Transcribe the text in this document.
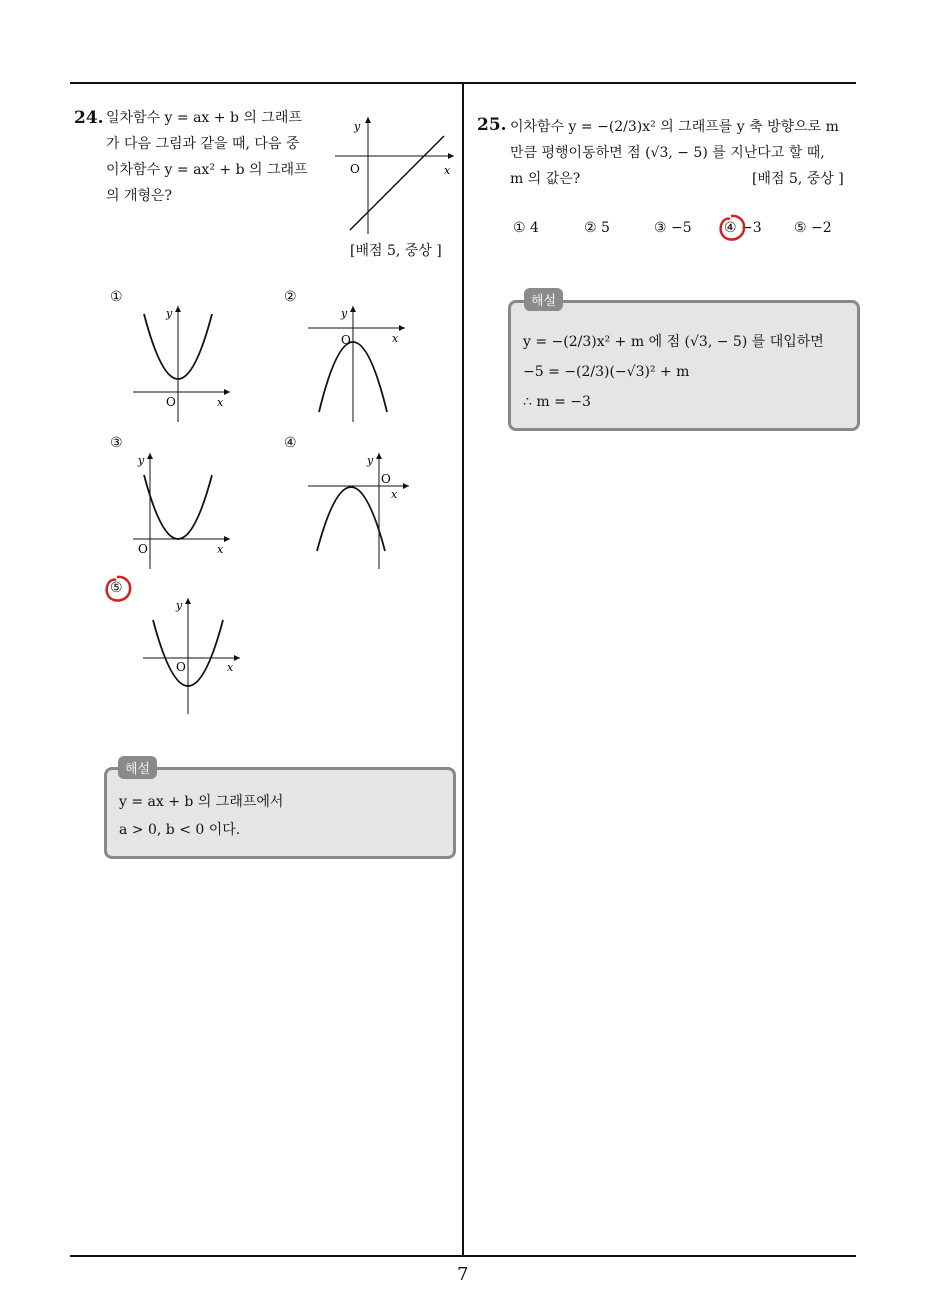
7
24. 일차함수 y = ax + b 의 그래프
가 다음 그림과 같을 때, 다음 중
이차함수 y = ax² + b 의 그래프
의 개형은?
y
x
O
[배점 5, 중상 ]
①	②
③	④
⑤
y
x
O
y
x
O
y
x
O
y
x
O
y
x
O
y = ax + b 의 그래프에서
a > 0, b < 0 이다.
해설
25. 이차함수 y = −(2/3)x² 의 그래프를 y 축 방향으로 m
만큼 평행이동하면 점 (√3, − 5) 를 지난다고 할 때,
m 의 값은?	[배점 5, 중상 ]
① 4	② 5	③ −5 ④ −3 ⑤ −2
y = −(2/3)x² + m 에 점 (√3, − 5) 를 대입하면
−5 = −(2/3)(−√3)² + m
∴ m = −3
해설
